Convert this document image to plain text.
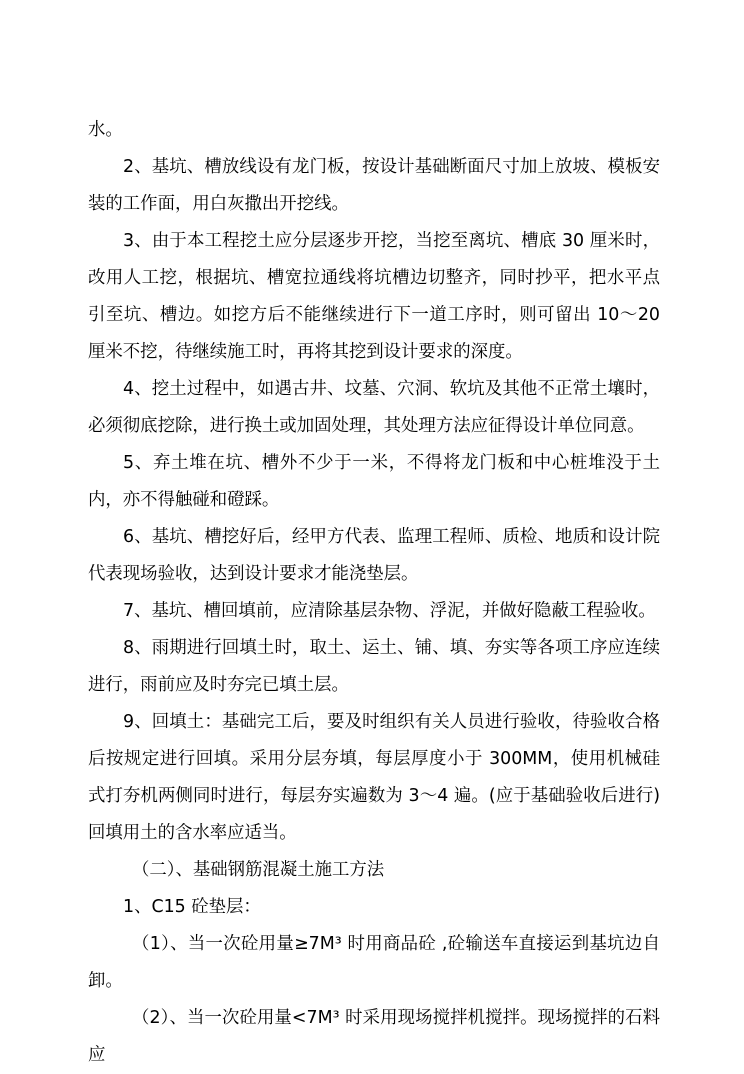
水。

2、基坑、槽放线设有龙门板，按设计基础断面尺寸加上放坡、模板安装的工作面，用白灰撒出开挖线。

3、由于本工程挖土应分层逐步开挖，当挖至离坑、槽底 30 厘米时，改用人工挖，根据坑、槽宽拉通线将坑槽边切整齐，同时抄平，把水平点引至坑、槽边。如挖方后不能继续进行下一道工序时，则可留出 10～20 厘米不挖，待继续施工时，再将其挖到设计要求的深度。

4、挖土过程中，如遇古井、坟墓、穴洞、软坑及其他不正常土壤时，必须彻底挖除，进行换土或加固处理，其处理方法应征得设计单位同意。

5、弃土堆在坑、槽外不少于一米，不得将龙门板和中心桩堆没于土内，亦不得触碰和磴踩。

6、基坑、槽挖好后，经甲方代表、监理工程师、质检、地质和设计院代表现场验收，达到设计要求才能浇垫层。

7、基坑、槽回填前，应清除基层杂物、浮泥，并做好隐蔽工程验收。

8、雨期进行回填土时，取土、运土、铺、填、夯实等各项工序应连续进行，雨前应及时夯完已填土层。

9、回填土：基础完工后，要及时组织有关人员进行验收，待验收合格后按规定进行回填。采用分层夯填，每层厚度小于 300MM，使用机械硅式打夯机两侧同时进行，每层夯实遍数为 3～4 遍。(应于基础验收后进行)回填用土的含水率应适当。

（二）、基础钢筋混凝土施工方法

1、C15 砼垫层：

（1）、当一次砼用量≥7M³ 时用商品砼 ,砼输送车直接运到基坑边自卸。

（2）、当一次砼用量<7M³ 时采用现场搅拌机搅拌。现场搅拌的石料应
